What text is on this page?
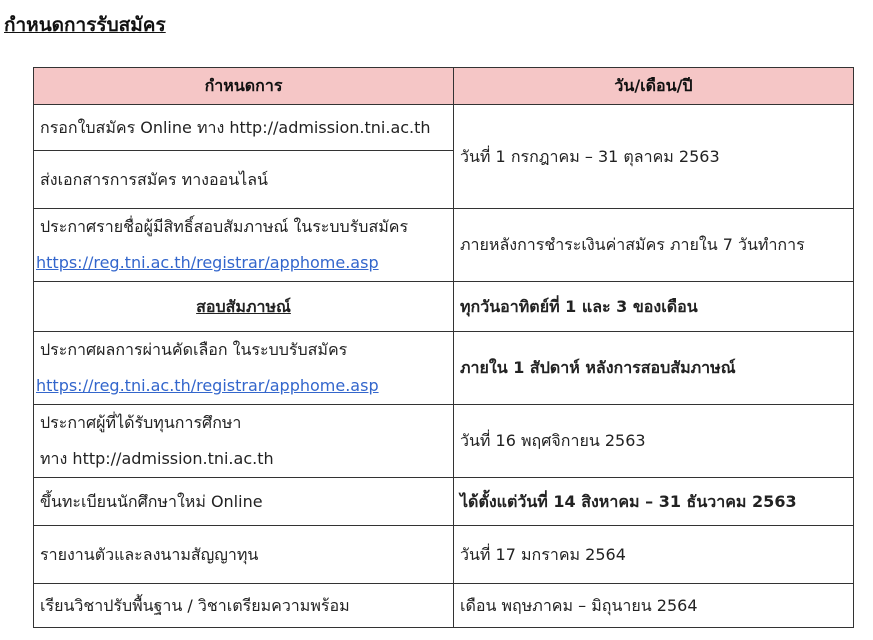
กำหนดการรับสมัคร
กำหนดการ	วัน/เดือน/ปี
กรอกใบสมัคร Online ทาง http://admission.tni.ac.th	วันที่ 1 กรกฎาคม – 31 ตุลาคม 2563
ส่งเอกสารการสมัคร ทางออนไลน์	

ประกาศรายชื่อผู้มีสิทธิ์สอบสัมภาษณ์ ในระบบรับสมัคร
https://reg.tni.ac.th/registrar/apphome.asp	ภายหลังการชำระเงินค่าสมัคร ภายใน 7 วันทำการ
สอบสัมภาษณ์	ทุกวันอาทิตย์ที่ 1 และ 3 ของเดือน

ประกาศผลการผ่านคัดเลือก ในระบบรับสมัคร
https://reg.tni.ac.th/registrar/apphome.asp	ภายใน 1 สัปดาห์ หลังการสอบสัมภาษณ์

ประกาศผู้ที่ได้รับทุนการศึกษา
ทาง http://admission.tni.ac.th	วันที่ 16 พฤศจิกายน 2563
ขึ้นทะเบียนนักศึกษาใหม่ Online	ได้ตั้งแต่วันที่ 14 สิงหาคม – 31 ธันวาคม 2563
รายงานตัวและลงนามสัญญาทุน	วันที่ 17 มกราคม 2564
เรียนวิชาปรับพื้นฐาน / วิชาเตรียมความพร้อม	เดือน พฤษภาคม – มิถุนายน 2564
